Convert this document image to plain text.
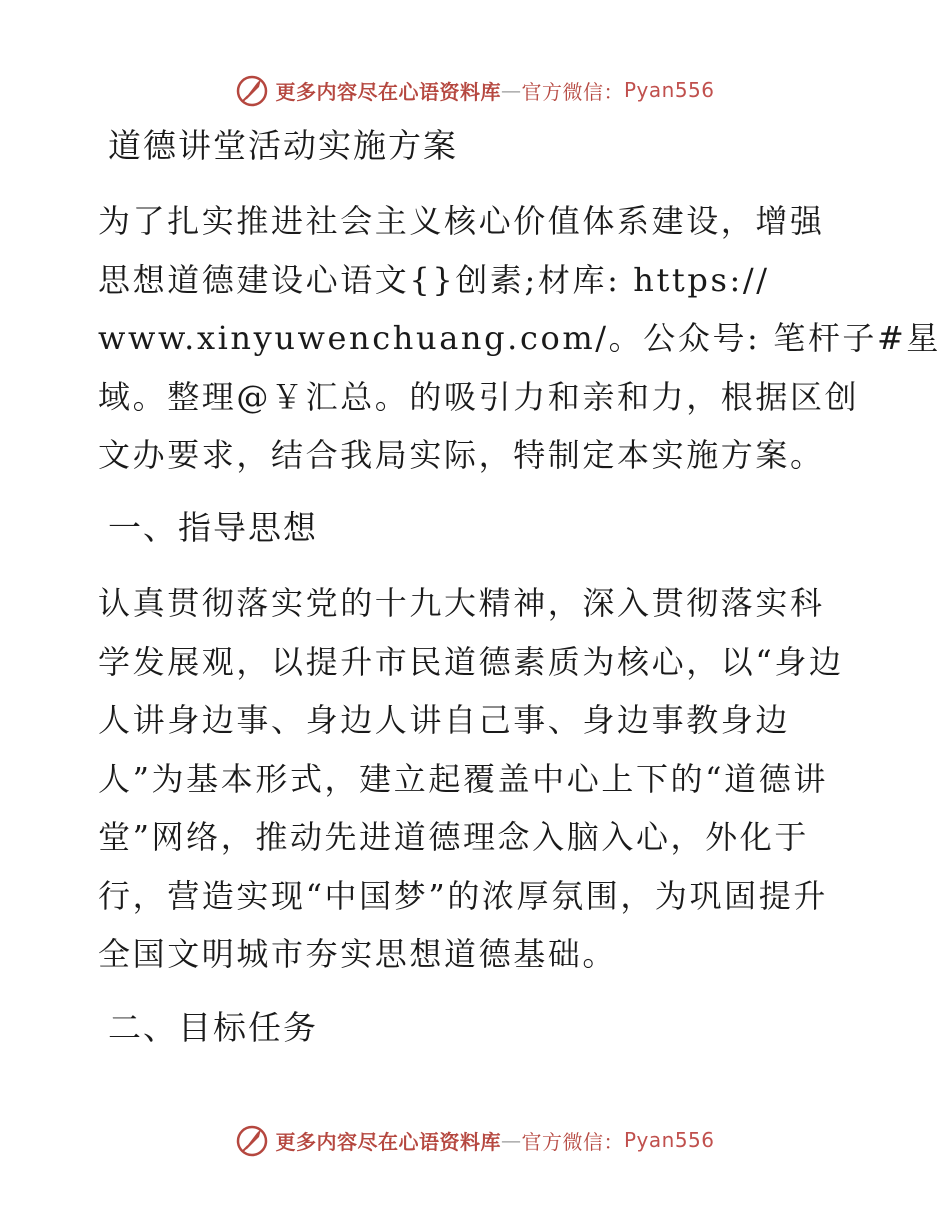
更多内容尽在心语资料库 — 官方微信： Pyan556
道德讲堂活动实施方案
为了扎实推进社会主义核心价值体系建设，增强
思想道德建设心语文{}创素;材库: https://
www.xinyuwenchuang.com/。公众号: 笔杆子#星
域。整理@￥汇总。的吸引力和亲和力，根据区创
文办要求，结合我局实际，特制定本实施方案。
一、指导思想
认真贯彻落实党的十九大精神，深入贯彻落实科
学发展观，以提升市民道德素质为核心，以“身边
人讲身边事、身边人讲自己事、身边事教身边
人”为基本形式，建立起覆盖中心上下的“道德讲
堂”网络，推动先进道德理念入脑入心，外化于
行，营造实现“中国梦”的浓厚氛围，为巩固提升
全国文明城市夯实思想道德基础。
二、目标任务
更多内容尽在心语资料库 — 官方微信： Pyan556
